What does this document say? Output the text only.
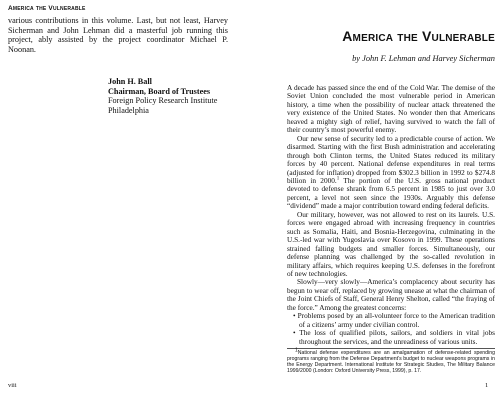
America the Vulnerable

various contributions in this volume. Last, but not least, Harvey Sicherman and John Lehman did a masterful job running this project, ably assisted by the project coordinator Michael P. Noonan.

John H. Ball
Chairman, Board of Trustees
Foreign Policy Research Institute
Philadelphia
viii
America the Vulnerable
by John F. Lehman and Harvey Sicherman

A decade has passed since the end of the Cold War. The demise of the Soviet Union concluded the most vulnerable period in American history, a time when the possibility of nuclear attack threatened the very existence of the United States. No wonder then that Americans heaved a mighty sigh of relief, having survived to watch the fall of their country’s most powerful enemy.

Our new sense of security led to a predictable course of action. We disarmed. Starting with the first Bush administration and accelerating through both Clinton terms, the United States reduced its military forces by 40 percent. National defense expenditures in real terms (adjusted for inflation) dropped from $302.3 billion in 1992 to $274.8 billion in 2000.$^1$ The portion of the U.S. gross national product devoted to defense shrank from 6.5 percent in 1985 to just over 3.0 percent, a level not seen since the 1930s. Arguably this defense “dividend” made a major contribution toward ending federal deficits.

Our military, however, was not allowed to rest on its laurels. U.S. forces were engaged abroad with increasing frequency in countries such as Somalia, Haiti, and Bosnia-Herzegovina, culminating in the U.S.-led war with Yugoslavia over Kosovo in 1999. These operations strained falling budgets and smaller forces. Simultaneously, our defense planning was challenged by the so-called revolution in military affairs, which requires keeping U.S. defenses in the forefront of new technologies.

Slowly—very slowly—America’s complacency about security has begun to wear off, replaced by growing unease at what the chairman of the Joint Chiefs of Staff, General Henry Shelton, called “the fraying of the force.” Among the greatest concerns:

• Problems posed by an all-volunteer force to the American tradition of a citizens’ army under civilian control.

• The loss of qualified pilots, sailors, and soldiers in vital jobs throughout the services, and the unreadiness of various units.

$^1$National defense expenditures are an amalgamation of defense-related spending programs ranging from the Defense Department’s budget to nuclear weapons programs in the Energy Department. International Institute for Strategic Studies, The Military Balance 1999/2000 (London: Oxford University Press, 1999), p. 17.
1
